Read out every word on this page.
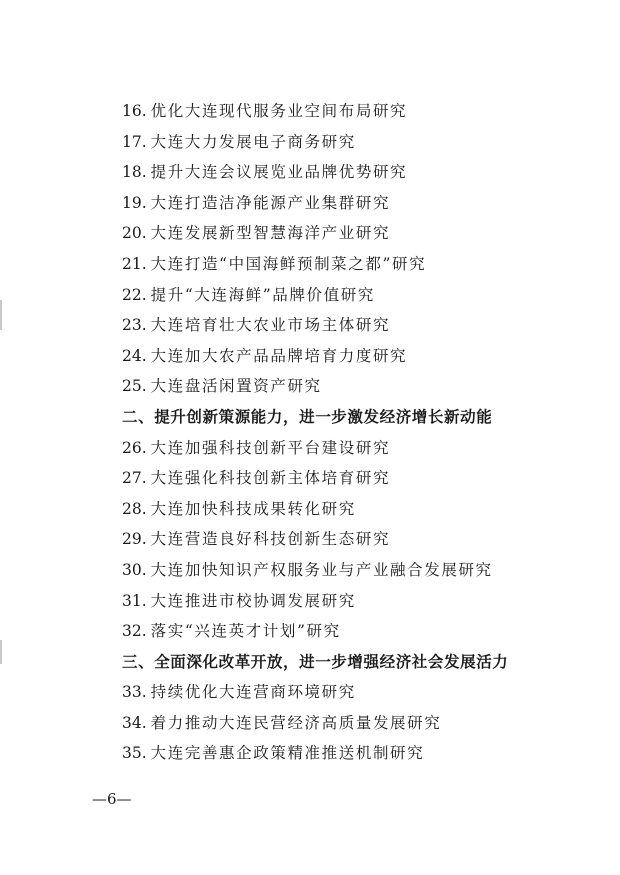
16. 优化大连现代服务业空间布局研究
17. 大连大力发展电子商务研究
18. 提升大连会议展览业品牌优势研究
19. 大连打造洁净能源产业集群研究
20. 大连发展新型智慧海洋产业研究
21. 大连打造“中国海鲜预制菜之都”研究
22. 提升“大连海鲜”品牌价值研究
23. 大连培育壮大农业市场主体研究
24. 大连加大农产品品牌培育力度研究
25. 大连盘活闲置资产研究
二、提升创新策源能力，进一步激发经济增长新动能
26. 大连加强科技创新平台建设研究
27. 大连强化科技创新主体培育研究
28. 大连加快科技成果转化研究
29. 大连营造良好科技创新生态研究
30. 大连加快知识产权服务业与产业融合发展研究
31. 大连推进市校协调发展研究
32. 落实“兴连英才计划”研究
三、全面深化改革开放，进一步增强经济社会发展活力
33. 持续优化大连营商环境研究
34. 着力推动大连民营经济高质量发展研究
35. 大连完善惠企政策精准推送机制研究
—6—
